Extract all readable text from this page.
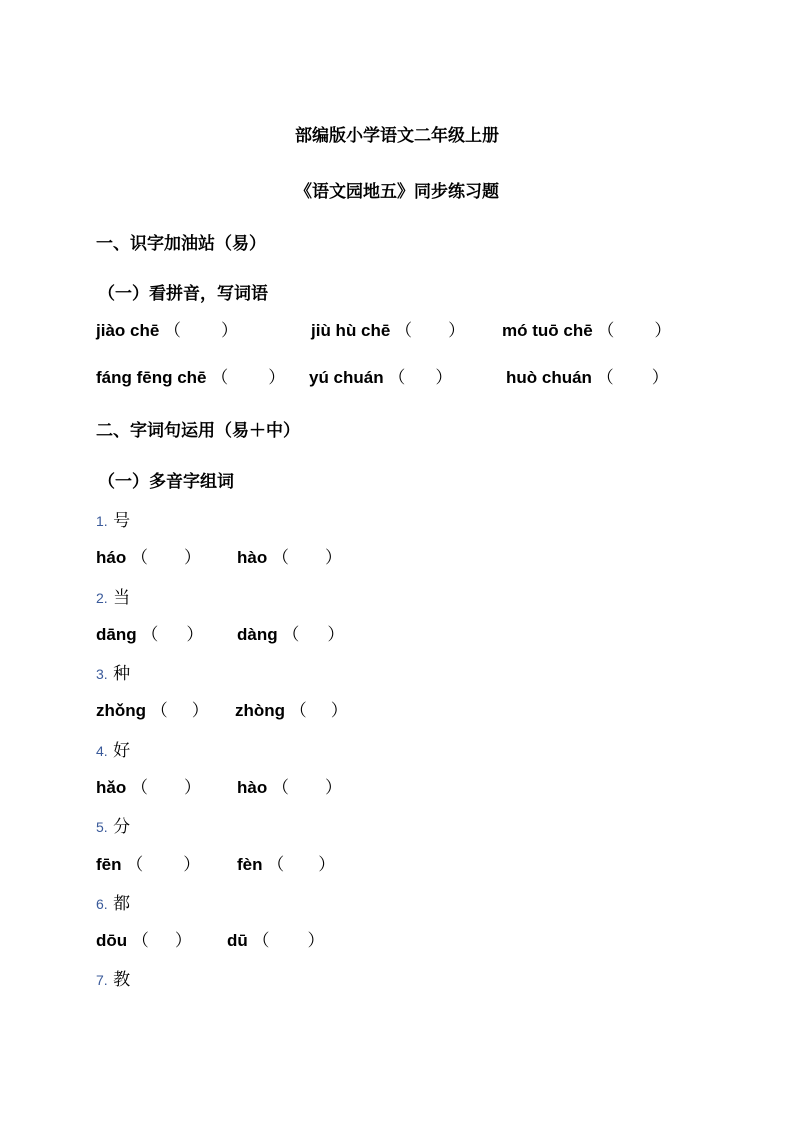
部编版小学语文二年级上册
《语文园地五》同步练习题
一、识字加油站（易）
（一）看拼音，写词语
jiào chē （ ）	jiù hù chē （ ） mó tuō chē （ ）
fáng fēng chē （ ） yú chuán （ ）	huò chuán （ ）
二、字词句运用（易＋中）
（一）多音字组词
1. 号
háo （ ） hào （ ）
2. 当
dāng （ ） dàng （ ）
3. 种
zhǒng （ ） zhòng （ ）
4. 好
hǎo （ ） hào （ ）
5. 分
fēn （ ） fèn （ ）
6. 都
dōu （ ） dū （ ）
7. 教
